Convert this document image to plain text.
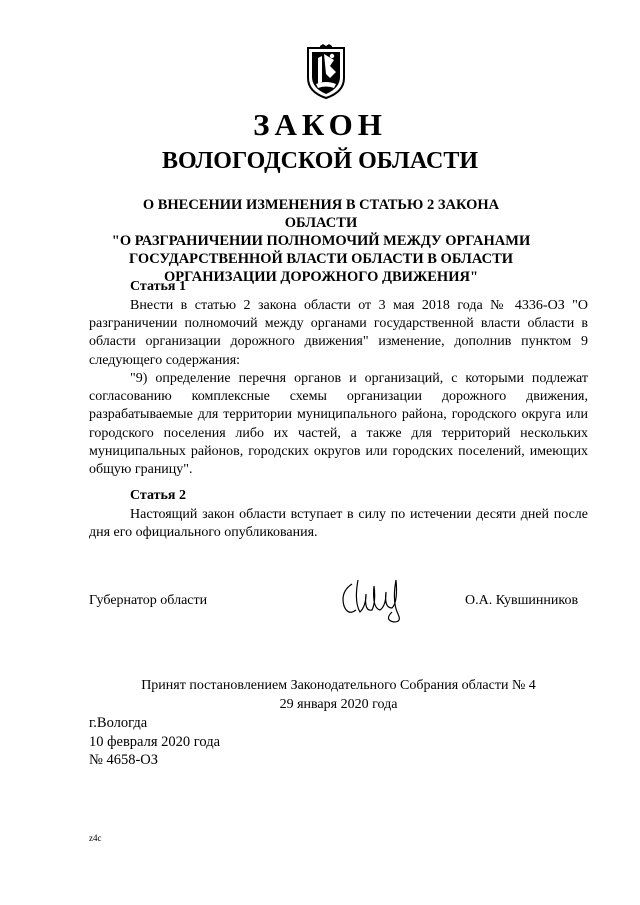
ЗАКОН
ВОЛОГОДСКОЙ ОБЛАСТИ
О ВНЕСЕНИИ ИЗМЕНЕНИЯ В СТАТЬЮ 2 ЗАКОНА ОБЛАСТИ
"О РАЗГРАНИЧЕНИИ ПОЛНОМОЧИЙ МЕЖДУ ОРГАНАМИ
ГОСУДАРСТВЕННОЙ ВЛАСТИ ОБЛАСТИ В ОБЛАСТИ
ОРГАНИЗАЦИИ ДОРОЖНОГО ДВИЖЕНИЯ"
Статья 1
Внести в статью 2 закона области от 3 мая 2018 года № 4336-ОЗ "О разграничении полномочий между органами государственной власти области в области организации дорожного движения" изменение, дополнив пунктом 9 следующего содержания:
"9) определение перечня органов и организаций, с которыми подлежат согласованию комплексные схемы организации дорожного движения, разрабатываемые для территории муниципального района, городского округа или городского поселения либо их частей, а также для территорий нескольких муниципальных районов, городских округов или городских поселений, имеющих общую границу".
Статья 2
Настоящий закон области вступает в силу по истечении десяти дней после дня его официального опубликования.
Губернатор области	О.А. Кувшинников
Принят постановлением Законодательного Собрания области № 4
29 января 2020 года
г.Вологда
10 февраля 2020 года
№ 4658-ОЗ
z4c
